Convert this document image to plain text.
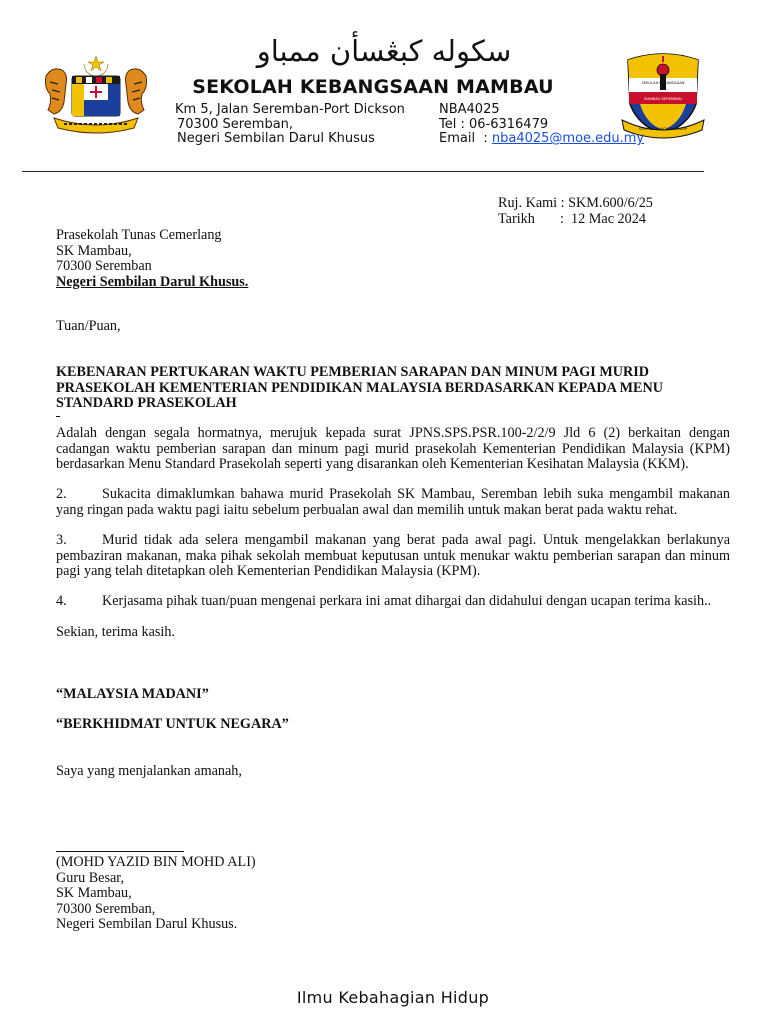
SEKOLAH KEBANGSAAN
MAMBAU SEREMBAN
ILMU KEBAHAGIAAN HIDUP
سکوله کبڠسأن ممباو
SEKOLAH KEBANGSAAN MAMBAU
Km 5, Jalan Seremban-Port Dickson
70300 Seremban,
Negeri Sembilan Darul Khusus
NBA4025
Tel : 06-6316479
Email  : nba4025@moe.edu.my
Ruj. Kami : SKM.600/6/25
Tarikh :  12 Mac 2024
Prasekolah Tunas Cemerlang
SK Mambau,
70300 Seremban
Negeri Sembilan Darul Khusus.
Tuan/Puan,
KEBENARAN PERTUKARAN WAKTU PEMBERIAN SARAPAN DAN MINUM PAGI MURID PRASEKOLAH KEMENTERIAN PENDIDIKAN MALAYSIA BERDASARKAN KEPADA MENU STANDARD PRASEKOLAH
Adalah dengan segala hormatnya, merujuk kepada surat JPNS.SPS.PSR.100-2/2/9 Jld 6 (2) berkaitan dengan cadangan waktu pemberian sarapan dan minum pagi murid prasekolah Kementerian Pendidikan Malaysia (KPM) berdasarkan Menu Standard Prasekolah seperti yang disarankan oleh Kementerian Kesihatan Malaysia (KKM).
2. Sukacita dimaklumkan bahawa murid Prasekolah SK Mambau, Seremban lebih suka mengambil makanan yang ringan pada waktu pagi iaitu sebelum perbualan awal dan memilih untuk makan berat pada waktu rehat.
3. Murid tidak ada selera mengambil makanan yang berat pada awal pagi. Untuk mengelakkan berlakunya pembaziran makanan, maka pihak sekolah membuat keputusan untuk menukar waktu pemberian sarapan dan minum pagi yang telah ditetapkan oleh Kementerian Pendidikan Malaysia (KPM).
4. Kerjasama pihak tuan/puan mengenai perkara ini amat dihargai dan didahului dengan ucapan terima kasih..
Sekian, terima kasih.
“MALAYSIA MADANI”
“BERKHIDMAT UNTUK NEGARA”
Saya yang menjalankan amanah,
(MOHD YAZID BIN MOHD ALI)
Guru Besar,
SK Mambau,
70300 Seremban,
Negeri Sembilan Darul Khusus.
Ilmu Kebahagian Hidup
